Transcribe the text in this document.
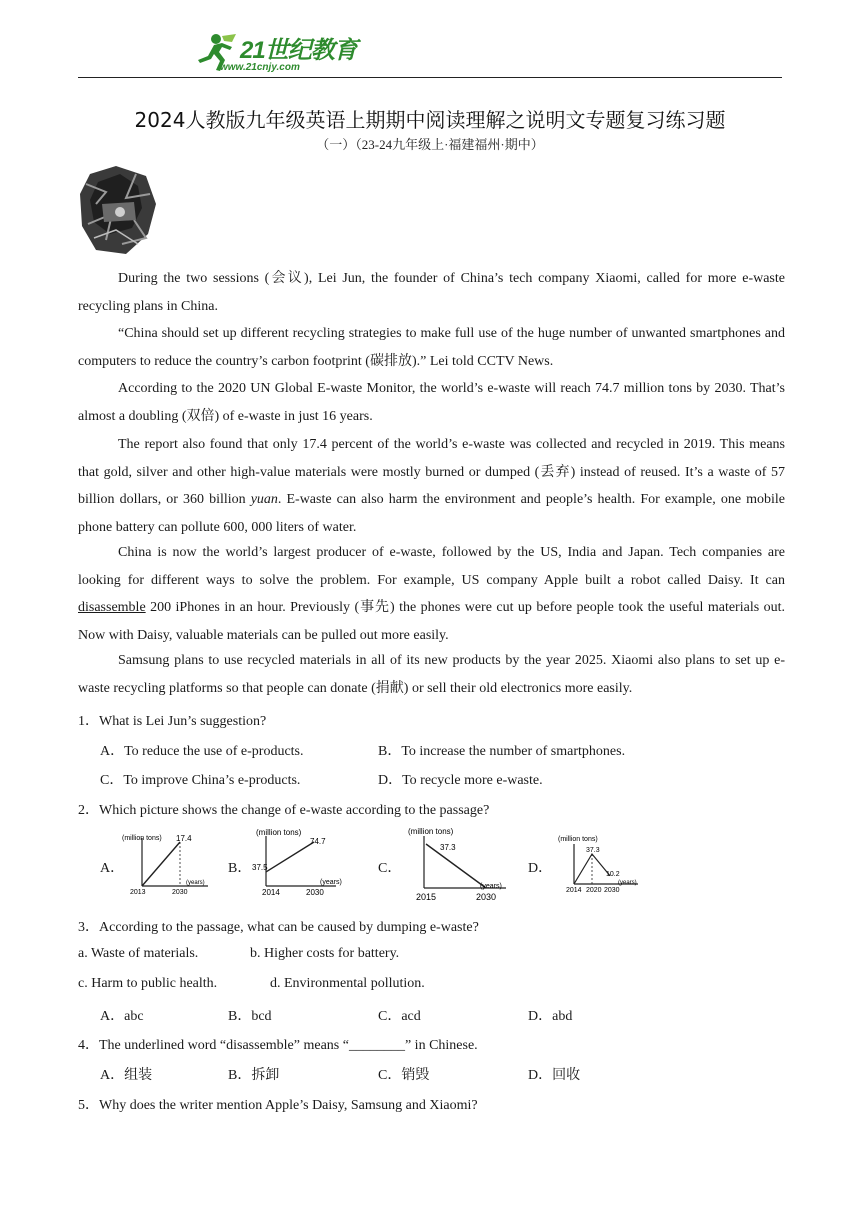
21世纪教育
www.21cnjy.com
2024人教版九年级英语上期期中阅读理解之说明文专题复习练习题
（一）（23-24九年级上·福建福州·期中）
During the two sessions (会议), Lei Jun, the founder of China’s tech company Xiaomi, called for more e-waste recycling plans in China.
“China should set up different recycling strategies to make full use of the huge number of unwanted smartphones and computers to reduce the country’s carbon footprint (碳排放).” Lei told CCTV News.
According to the 2020 UN Global E-waste Monitor, the world’s e-waste will reach 74.7 million tons by 2030. That’s almost a doubling (双倍) of e-waste in just 16 years.
The report also found that only 17.4 percent of the world’s e-waste was collected and recycled in 2019. This means that gold, silver and other high-value materials were mostly burned or dumped (丢弃) instead of reused. It’s a waste of 57 billion dollars, or 360 billion yuan. E-waste can also harm the environment and people’s health. For example, one mobile phone battery can pollute 600, 000 liters of water.
China is now the world’s largest producer of e-waste, followed by the US, India and Japan. Tech companies are looking for different ways to solve the problem. For example, US company Apple built a robot called Daisy. It can disassemble 200 iPhones in an hour. Previously (事先) the phones were cut up before people took the useful materials out. Now with Daisy, valuable materials can be pulled out more easily.
Samsung plans to use recycled materials in all of its new products by the year 2025. Xiaomi also plans to set up e-waste recycling platforms so that people can donate (捐献) or sell their old electronics more easily.
1．What is Lei Jun’s suggestion?
A．To reduce the use of e-products.	B．To increase the number of smartphones.
C．To improve China’s e-products.	D．To recycle more e-waste.
2．Which picture shows the change of e-waste according to the passage?
A．
(million tons) 17.4
2013	2030
(years)
B．
(million tons)
37.5
74.7
2014	2030
(years)
C．
(million tons)
37.3
2015	2030
(years)
D．
(million tons)
37.3
10.2
2014 2020 2030
(years)
3．According to the passage, what can be caused by dumping e-waste?
a. Waste of materials.	b. Higher costs for battery.
c. Harm to public health.	d. Environmental pollution.
A．abc	B．bcd	C．acd	D．abd
4．The underlined word “disassemble” means “________” in Chinese.
A．组装	B．拆卸	C．销毁	D．回收
5．Why does the writer mention Apple’s Daisy, Samsung and Xiaomi?
